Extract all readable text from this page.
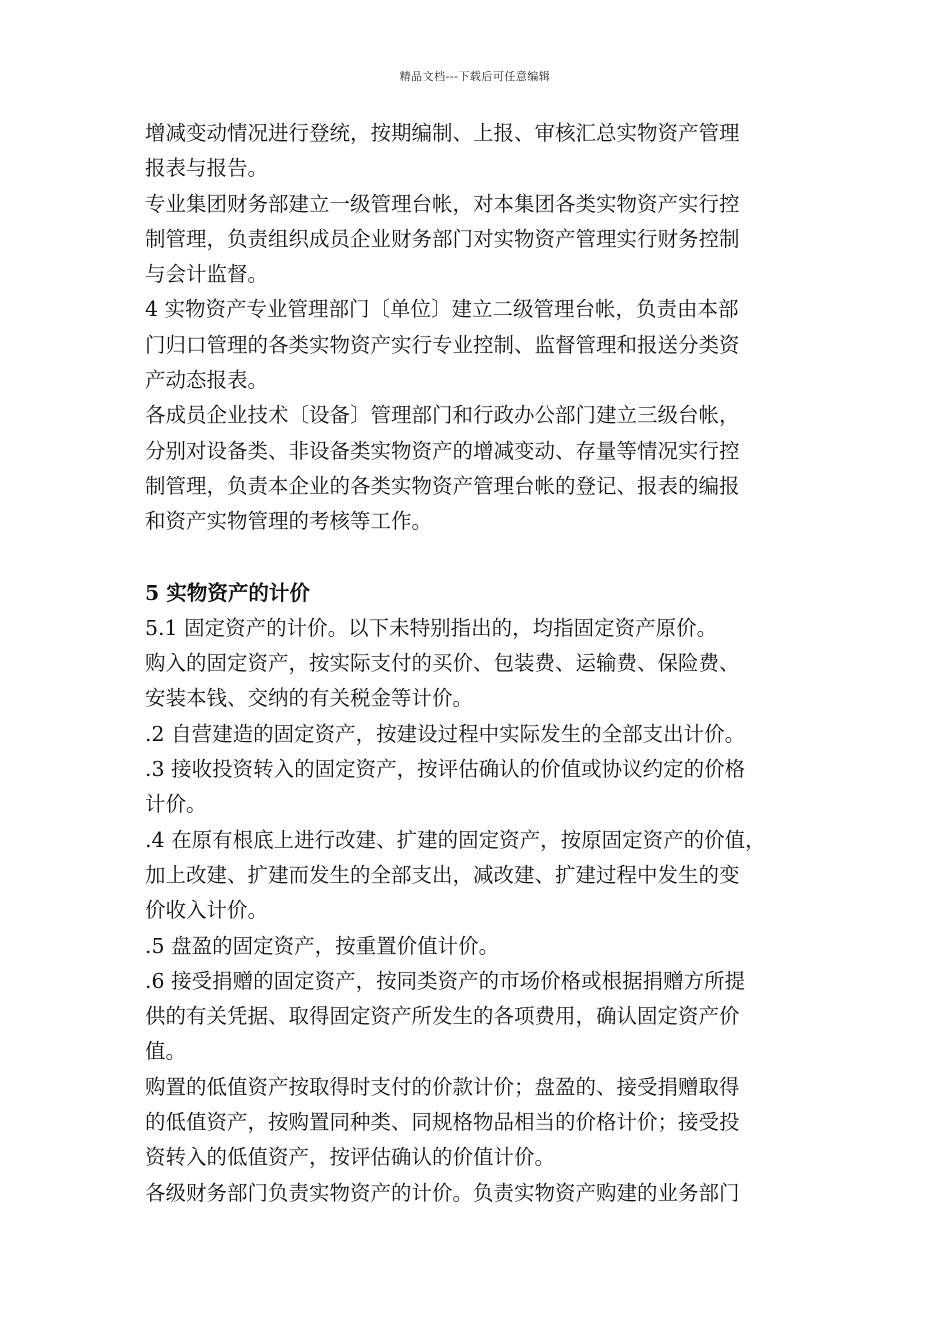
精品文档---下载后可任意编辑
增减变动情况进行登统，按期编制、上报、审核汇总实物资产管理
报表与报告。
专业集团财务部建立一级管理台帐，对本集团各类实物资产实行控
制管理，负责组织成员企业财务部门对实物资产管理实行财务控制
与会计监督。
4 实物资产专业管理部门〔单位〕建立二级管理台帐，负责由本部
门归口管理的各类实物资产实行专业控制、监督管理和报送分类资
产动态报表。
各成员企业技术〔设备〕管理部门和行政办公部门建立三级台帐，
分别对设备类、非设备类实物资产的增减变动、存量等情况实行控
制管理，负责本企业的各类实物资产管理台帐的登记、报表的编报
和资产实物管理的考核等工作。
5 实物资产的计价
5.1 固定资产的计价。以下未特别指出的，均指固定资产原价。
购入的固定资产，按实际支付的买价、包装费、运输费、保险费、
安装本钱、交纳的有关税金等计价。
.2 自营建造的固定资产，按建设过程中实际发生的全部支出计价。
.3 接收投资转入的固定资产，按评估确认的价值或协议约定的价格
计价。
.4 在原有根底上进行改建、扩建的固定资产，按原固定资产的价值，
加上改建、扩建而发生的全部支出，减改建、扩建过程中发生的变
价收入计价。
.5 盘盈的固定资产，按重置价值计价。
.6 接受捐赠的固定资产，按同类资产的市场价格或根据捐赠方所提
供的有关凭据、取得固定资产所发生的各项费用，确认固定资产价
值。
购置的低值资产按取得时支付的价款计价；盘盈的、接受捐赠取得
的低值资产，按购置同种类、同规格物品相当的价格计价；接受投
资转入的低值资产，按评估确认的价值计价。
各级财务部门负责实物资产的计价。负责实物资产购建的业务部门
